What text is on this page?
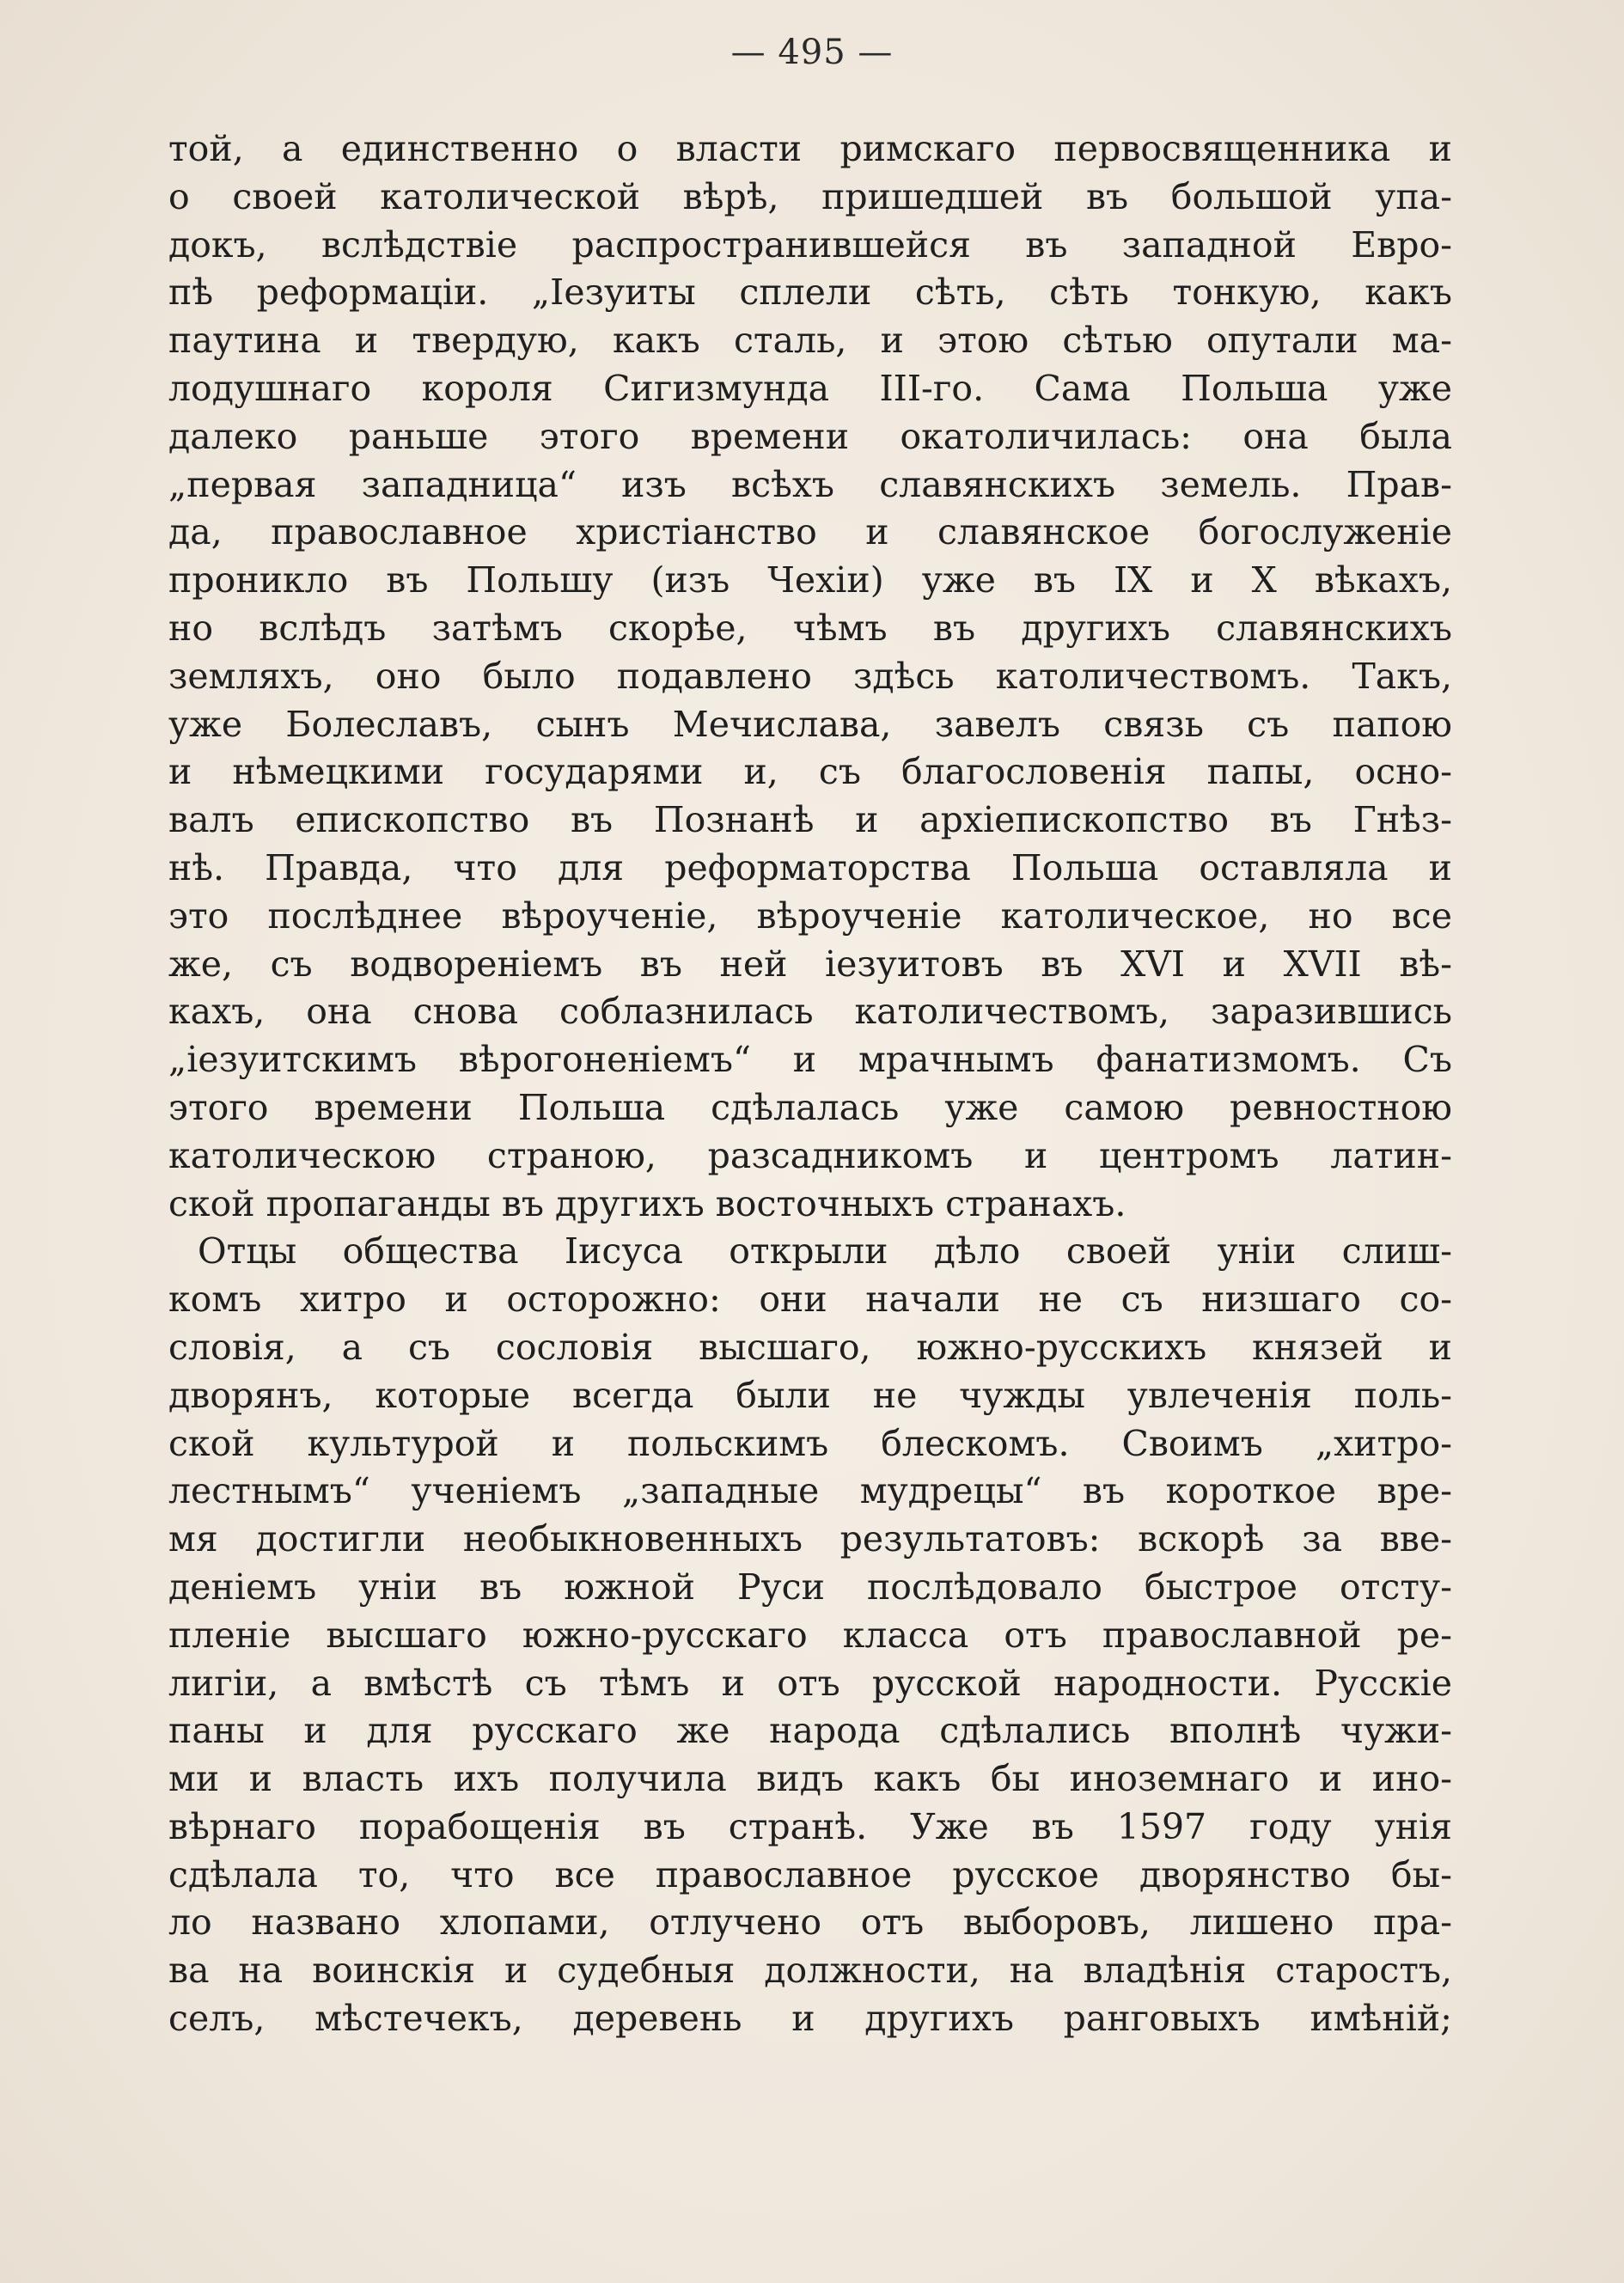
— 495 —
той, а единственно о власти римскаго первосвященника и
о своей католической вѣрѣ, пришедшей въ большой упа-
докъ, вслѣдствіе распространившейся въ западной Евро-
пѣ реформаціи. „Іезуиты сплели сѣть, сѣть тонкую, какъ
паутина и твердую, какъ сталь, и этою сѣтью опутали ма-
лодушнаго короля Сигизмунда III-го. Сама Польша уже
далеко раньше этого времени окатоличилась: она была
„первая западница“ изъ всѣхъ славянскихъ земель. Прав-
да, православное христіанство и славянское богослуженіе
проникло въ Польшу (изъ Чехіи) уже въ IX и X вѣкахъ,
но вслѣдъ затѣмъ скорѣе, чѣмъ въ другихъ славянскихъ
земляхъ, оно было подавлено здѣсь католичествомъ. Такъ,
уже Болеславъ, сынъ Мечислава, завелъ связь съ папою
и нѣмецкими государями и, съ благословенія папы, осно-
валъ епископство въ Познанѣ и архіепископство въ Гнѣз-
нѣ. Правда, что для реформаторства Польша оставляла и
это послѣднее вѣроученіе, вѣроученіе католическое, но все
же, съ водвореніемъ въ ней іезуитовъ въ XVI и XVII вѣ-
кахъ, она снова соблазнилась католичествомъ, заразившись
„іезуитскимъ вѣрогоненіемъ“ и мрачнымъ фанатизмомъ. Съ
этого времени Польша сдѣлалась уже самою ревностною
католическою страною, разсадникомъ и центромъ латин-
ской пропаганды въ другихъ восточныхъ странахъ.
Отцы общества Іисуса открыли дѣло своей уніи слиш-
комъ хитро и осторожно: они начали не съ низшаго со-
словія, а съ сословія высшаго, южно-русскихъ князей и
дворянъ, которые всегда были не чужды увлеченія поль-
ской культурой и польскимъ блескомъ. Своимъ „хитро-
лестнымъ“ ученіемъ „западные мудрецы“ въ короткое вре-
мя достигли необыкновенныхъ результатовъ: вскорѣ за вве-
деніемъ уніи въ южной Руси послѣдовало быстрое отсту-
пленіе высшаго южно-русскаго класса отъ православной ре-
лигіи, а вмѣстѣ съ тѣмъ и отъ русской народности. Русскіе
паны и для русскаго же народа сдѣлались вполнѣ чужи-
ми и власть ихъ получила видъ какъ бы иноземнаго и ино-
вѣрнаго порабощенія въ странѣ. Уже въ 1597 году унія
сдѣлала то, что все православное русское дворянство бы-
ло названо хлопами, отлучено отъ выборовъ, лишено пра-
ва на воинскія и судебныя должности, на владѣнія старостъ,
селъ, мѣстечекъ, деревень и другихъ ранговыхъ имѣній;
